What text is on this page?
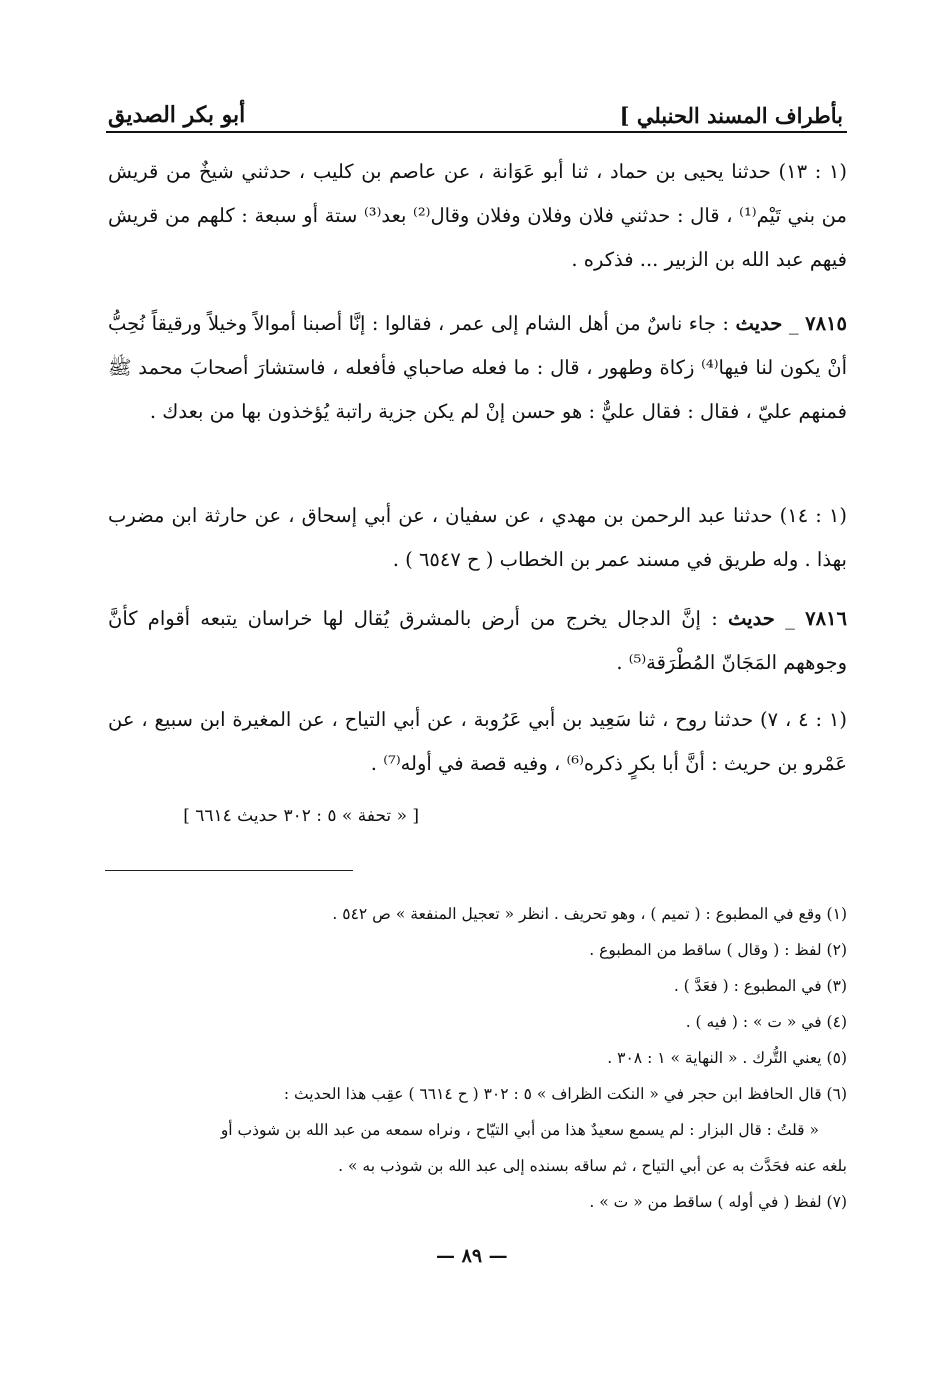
بأطراف المسند الحنبلي ]
أبو بكر الصديق
(١ : ١٣) حدثنا يحيى بن حماد ، ثنا أبو عَوَانة ، عن عاصم بن كليب ، حدثني شيخٌ من قريش من بني تَيْم⁽¹⁾ ، قال : حدثني فلان وفلان وفلان وقال⁽²⁾ بعد⁽³⁾ ستة أو سبعة : كلهم من قريش فيهم عبد الله بن الزبير ... فذكره .
٧٨١٥ _ حديث : جاء ناسٌ من أهل الشام إلى عمر ، فقالوا : إنَّا أصبنا أموالاً وخيلاً ورقيقاً نُحِبُّ أنْ يكون لنا فيها⁽⁴⁾ زكاة وطهور ، قال : ما فعله صاحباي فأفعله ، فاستشارَ أصحابَ محمد ﷺ فمنهم عليّ ، فقال : فقال عليٌّ : هو حسن إنْ لم يكن جزية راتبة يُؤخذون بها من بعدك .
(١ : ١٤) حدثنا عبد الرحمن بن مهدي ، عن سفيان ، عن أبي إسحاق ، عن حارثة ابن مضرب بهذا . وله طريق في مسند عمر بن الخطاب ( ح ٦٥٤٧ ) .
٧٨١٦ _ حديث : إنَّ الدجال يخرج من أرض بالمشرق يُقال لها خراسان يتبعه أقوام كأنَّ وجوههم المَجَانّ المُطْرَقة⁽⁵⁾ .
(١ : ٤ ، ٧) حدثنا روح ، ثنا سَعِيد بن أبي عَرُوبة ، عن أبي التياح ، عن المغيرة ابن سبيع ، عن عَمْرو بن حريث : أنَّ أبا بكرٍ ذكره⁽⁶⁾ ، وفيه قصة في أوله⁽⁷⁾ .
[ « تحفة » ٥ : ٣٠٢ حديث ٦٦١٤ ]
(١) وقع في المطبوع : ( تميم ) ، وهو تحريف . انظر « تعجيل المنفعة » ص ٥٤٢ .
(٢) لفظ : ( وقال ) ساقط من المطبوع .
(٣) في المطبوع : ( فعَدَّ ) .
(٤) في « ت » : ( فيه ) .
(٥) يعني التُّرك . « النهاية » ١ : ٣٠٨ .
(٦) قال الحافظ ابن حجر في « النكت الظراف » ٥ : ٣٠٢ ( ح ٦٦١٤ ) عقِب هذا الحديث :
« قلتُ : قال البزار : لم يسمع سعيدٌ هذا من أبي التيّاح ، ونراه سمعه من عبد الله بن شوذب أو
بلغه عنه فحَدَّث به عن أبي التياح ، ثم ساقه بسنده إلى عبد الله بن شوذب به » .
(٧) لفظ ( في أوله ) ساقط من « ت » .
— ٨٩ —
